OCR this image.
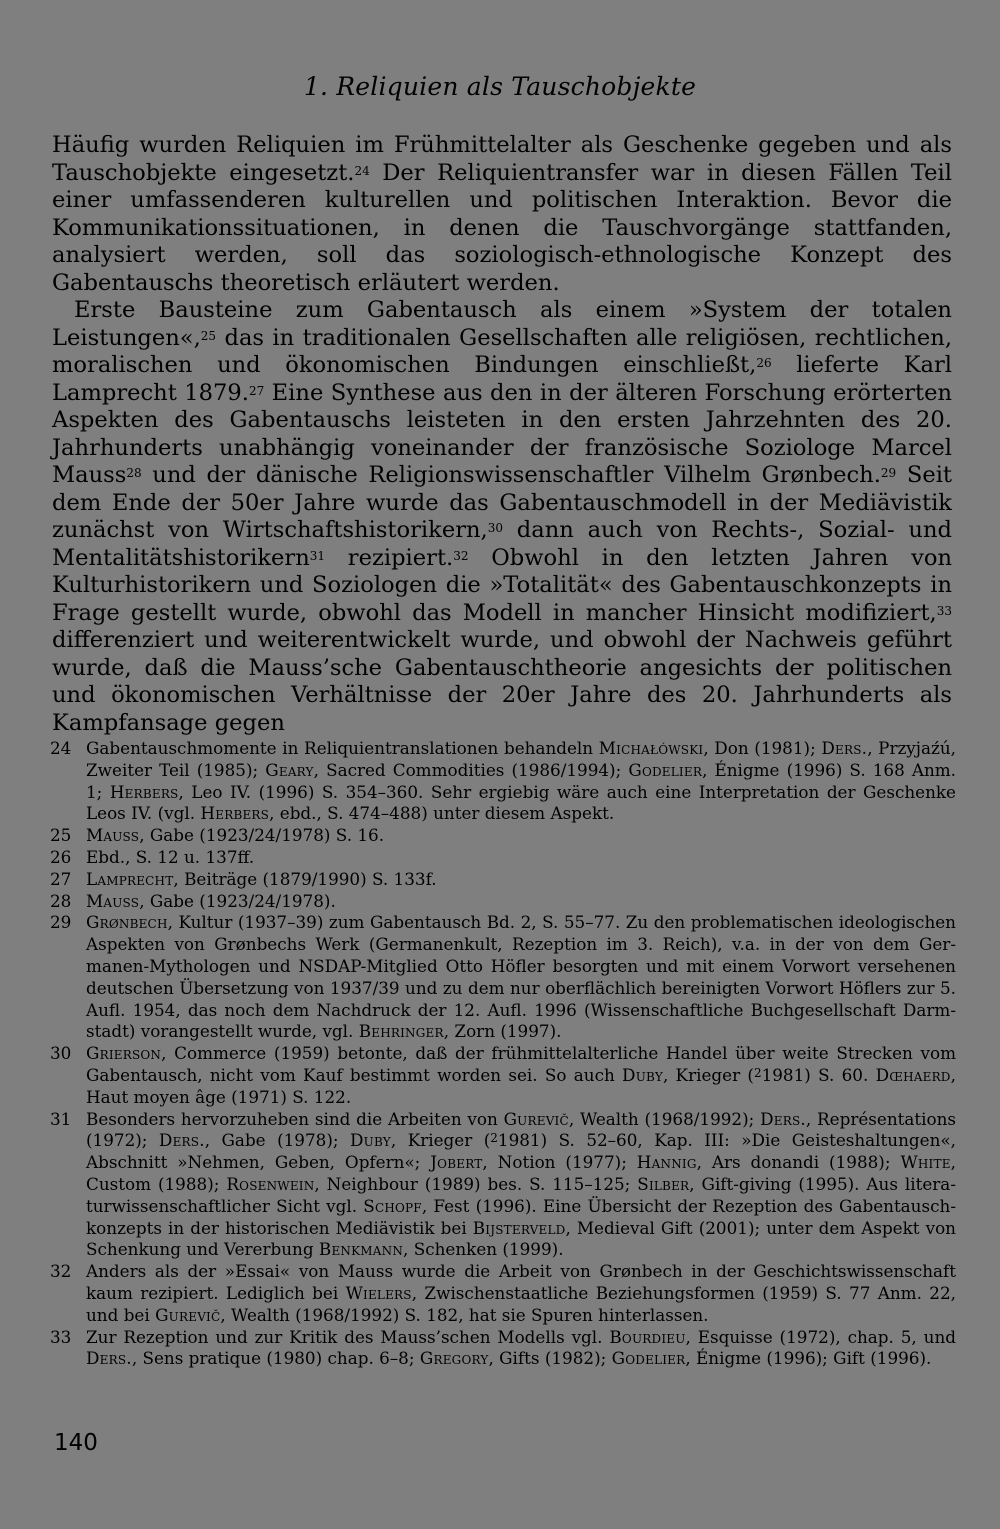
1. Reliquien als Tauschobjekte

Häufig wurden Reliquien im Frühmittelalter als Geschenke gegeben und als Tauschobjekte eingesetzt.$^{24}$ Der Reliquientransfer war in diesen Fällen Teil einer umfassenderen kulturellen und politischen Interaktion. Bevor die Kommunikationssituationen, in denen die Tauschvorgänge stattfanden, analysiert werden, soll das soziologisch-ethnologische Konzept des Gabentauschs theoretisch erläutert werden.

Erste Bausteine zum Gabentausch als einem »System der totalen Leistungen«,$^{25}$ das in traditionalen Gesellschaften alle religiösen, rechtlichen, moralischen und ökonomischen Bindungen einschließt,$^{26}$ lieferte Karl Lamprecht 1879.27 Eine Synthese aus den in der älteren Forschung erörterten Aspekten des Gabentauschs leisteten in den ersten Jahrzehnten des 20. Jahrhunderts unabhängig voneinander der französische Soziologe Marcel Mauss$^{28}$ und der dänische Religionswissenschaftler Vilhelm Grønbech.$^{29}$ Seit dem Ende der 50er Jahre wurde das Gabentauschmodell in der Mediävistik zunächst von Wirtschaftshistorikern,$^{30}$ dann auch von Rechts-, Sozial- und Mentalitätshistorikern$^{31}$ rezipiert.$^{32}$ Obwohl in den letzten Jahren von Kulturhistorikern und Soziologen die »Totalität« des Gabentauschkonzepts in Frage gestellt wurde, obwohl das Modell in mancher Hinsicht modifiziert,$^{33}$ differenziert und weiterentwickelt wurde, und obwohl der Nachweis geführt wurde, daß die Mauss’sche Gabentauschtheorie angesichts der politischen und ökonomischen Verhältnisse der 20er Jahre des 20. Jahrhunderts als Kampfansage gegen

24 Gabentauschmomente in Reliquientranslationen behandeln Michałówski, Don (1981); Ders., Przyjaźú, Zweiter Teil (1985); Geary, Sacred Commodities (1986/1994); Godelier, Énigme (1996) S. 168 Anm. 1; Herbers, Leo IV. (1996) S. 354–360. Sehr ergiebig wäre auch eine Interpretation der Geschenke Leos IV. (vgl. Herbers, ebd., S. 474–488) unter diesem Aspekt.
25 Mauss, Gabe (1923/24/1978) S. 16.
26 Ebd., S. 12 u. 137ff.
27 Lamprecht, Beiträge (1879/1990) S. 133f.
28 Mauss, Gabe (1923/24/1978).
29 Grønbech, Kultur (1937–39) zum Gabentausch Bd. 2, S. 55–77. Zu den problematischen ideologischen Aspekten von Grønbechs Werk (Germanenkult, Rezeption im 3. Reich), v.a. in der von dem Germanen-Mythologen und NSDAP-Mitglied Otto Höfler besorgten und mit einem Vorwort versehenen deutschen Übersetzung von 1937/39 und zu dem nur oberflächlich bereinigten Vorwort Höflers zur 5. Aufl. 1954, das noch dem Nachdruck der 12. Aufl. 1996 (Wissenschaftliche Buchgesellschaft Darmstadt) vorangestellt wurde, vgl. Behringer, Zorn (1997).
30 Grierson, Commerce (1959) betonte, daß der frühmittelalterliche Handel über weite Strecken vom Gabentausch, nicht vom Kauf bestimmt worden sei. So auch Duby, Krieger ($^2$1981) S. 60. Dœhaerd, Haut moyen âge (1971) S. 122.
31 Besonders hervorzuheben sind die Arbeiten von Gurevič, Wealth (1968/1992); Ders., Représentations (1972); Ders., Gabe (1978); Duby, Krieger ($^2$1981) S. 52–60, Kap. III: »Die Geisteshaltungen«, Abschnitt »Nehmen, Geben, Opfern«; Jobert, Notion (1977); Hannig, Ars donandi (1988); White, Custom (1988); Rosenwein, Neighbour (1989) bes. S. 115–125; Silber, Gift-giving (1995). Aus literaturwissenschaftlicher Sicht vgl. Schopf, Fest (1996). Eine Übersicht der Rezeption des Gabentauschkonzepts in der historischen Mediävistik bei Bijsterveld, Medieval Gift (2001); unter dem Aspekt von Schenkung und Vererbung Benkmann, Schenken (1999).
32 Anders als der »Essai« von Mauss wurde die Arbeit von Grønbech in der Geschichtswissenschaft kaum rezipiert. Lediglich bei Wielers, Zwischenstaatliche Beziehungsformen (1959) S. 77 Anm. 22, und bei Gurevič, Wealth (1968/1992) S. 182, hat sie Spuren hinterlassen.
33 Zur Rezeption und zur Kritik des Mauss’schen Modells vgl. Bourdieu, Esquisse (1972), chap. 5, und Ders., Sens pratique (1980) chap. 6–8; Gregory, Gifts (1982); Godelier, Énigme (1996); Gift (1996).
140
